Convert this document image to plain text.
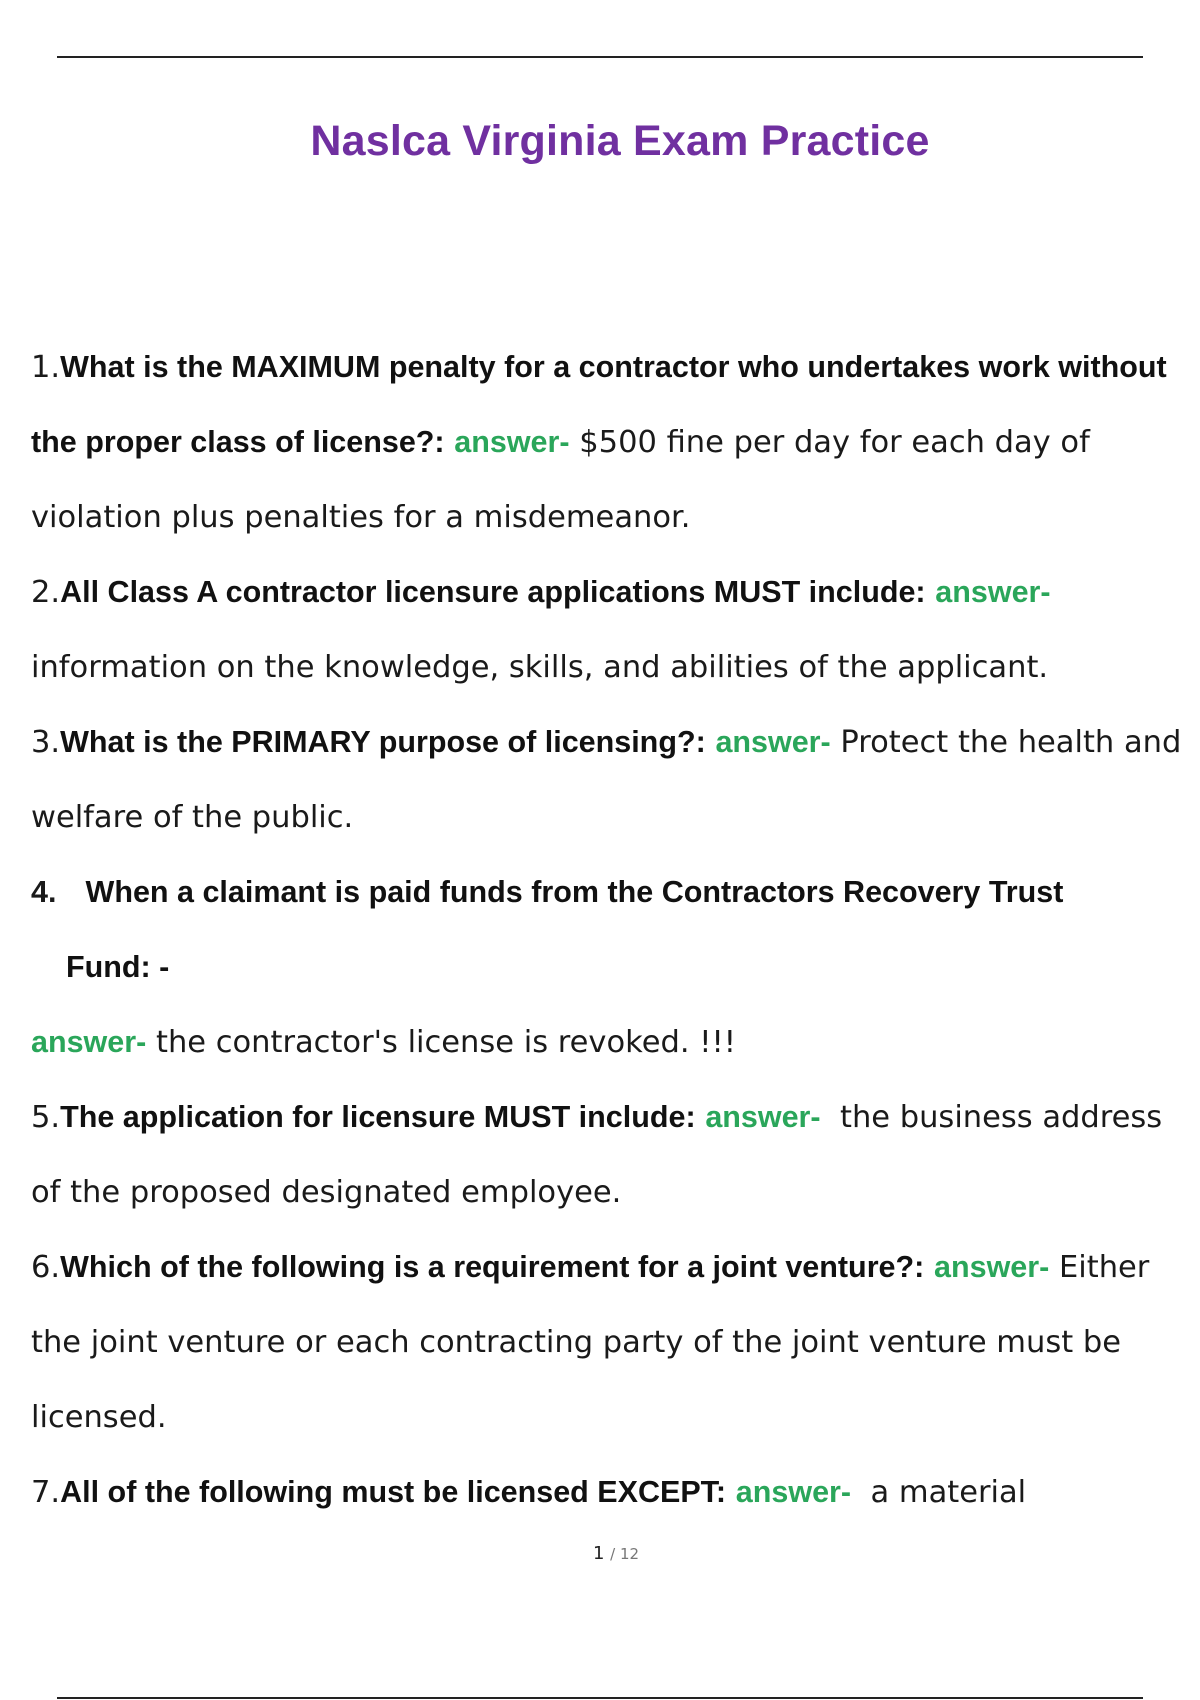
Naslca Virginia Exam Practice

1.What is the MAXIMUM penalty for a contractor who undertakes work without the proper class of license?: answer- $500 fine per day for each day of violation plus penalties for a misdemeanor.

2.All Class A contractor licensure applications MUST include: answer- information on the knowledge, skills, and abilities of the applicant.

3.What is the PRIMARY purpose of licensing?: answer- Protect the health and welfare of the public.

4. When a claimant is paid funds from the Contractors Recovery Trust
Fund: -
answer- the contractor's license is revoked. !!!

5.The application for licensure MUST include: answer- the business address of the proposed designated employee.

6.Which of the following is a requirement for a joint venture?: answer- Either the joint venture or each contracting party of the joint venture must be licensed.

7.All of the following must be licensed EXCEPT: answer- a material

1 / 12
